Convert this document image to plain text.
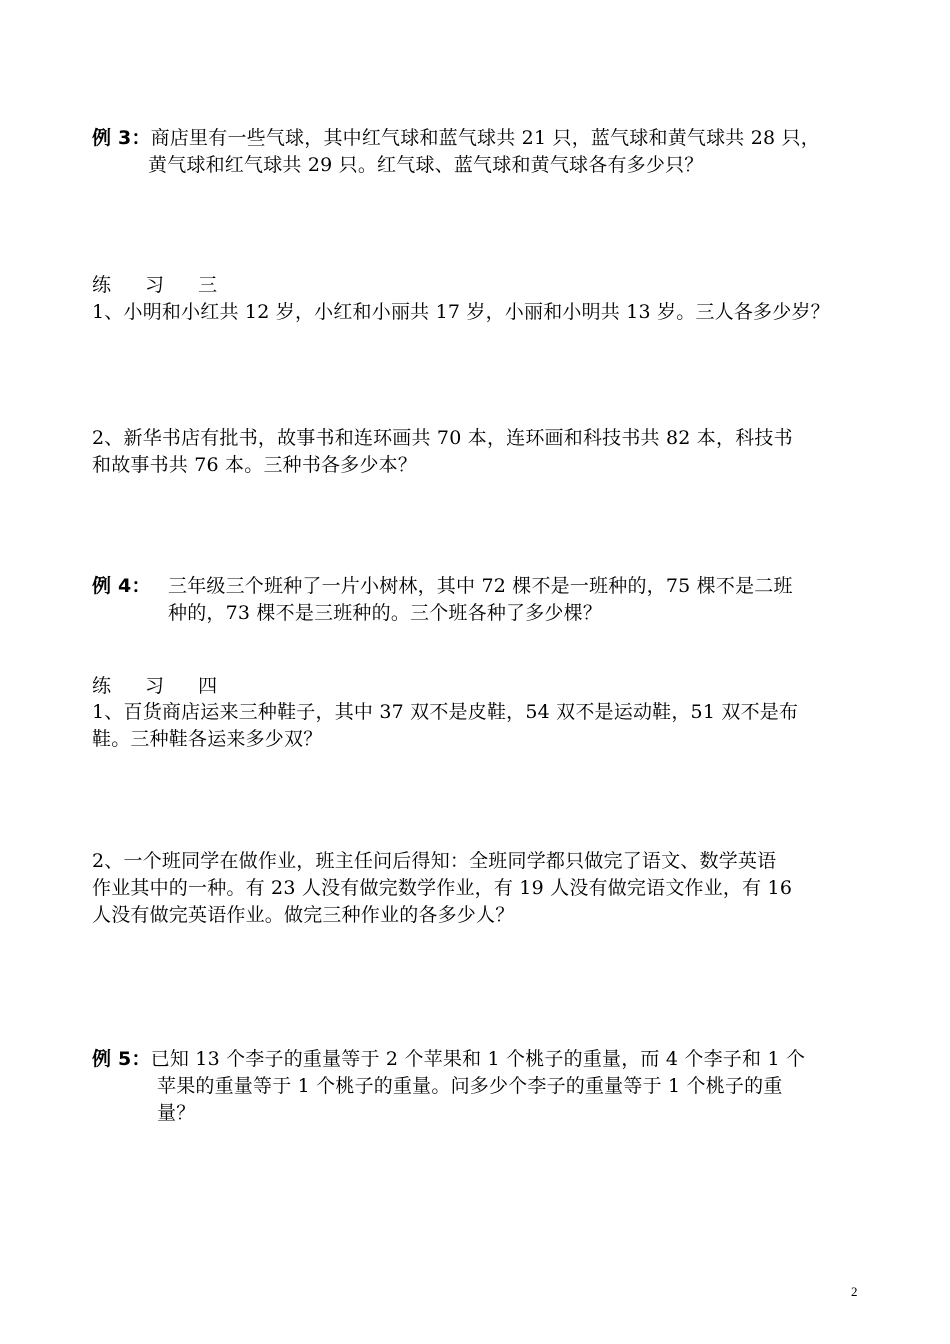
例 3：商店里有一些气球，其中红气球和蓝气球共 21 只，蓝气球和黄气球共 28 只，
黄气球和红气球共 29 只。红气球、蓝气球和黄气球各有多少只？
练 习 三
1、小明和小红共 12 岁，小红和小丽共 17 岁，小丽和小明共 13 岁。三人各多少岁？
2、新华书店有批书，故事书和连环画共 70 本，连环画和科技书共 82 本，科技书
和故事书共 76 本。三种书各多少本？
例 4： 三年级三个班种了一片小树林，其中 72 棵不是一班种的，75 棵不是二班
种的，73 棵不是三班种的。三个班各种了多少棵？
练 习 四
1、百货商店运来三种鞋子，其中 37 双不是皮鞋，54 双不是运动鞋，51 双不是布
鞋。三种鞋各运来多少双？
2、一个班同学在做作业，班主任问后得知：全班同学都只做完了语文、数学英语
作业其中的一种。有 23 人没有做完数学作业，有 19 人没有做完语文作业，有 16
人没有做完英语作业。做完三种作业的各多少人？
例 5：已知 13 个李子的重量等于 2 个苹果和 1 个桃子的重量，而 4 个李子和 1 个
苹果的重量等于 1 个桃子的重量。问多少个李子的重量等于 1 个桃子的重
量？
2
